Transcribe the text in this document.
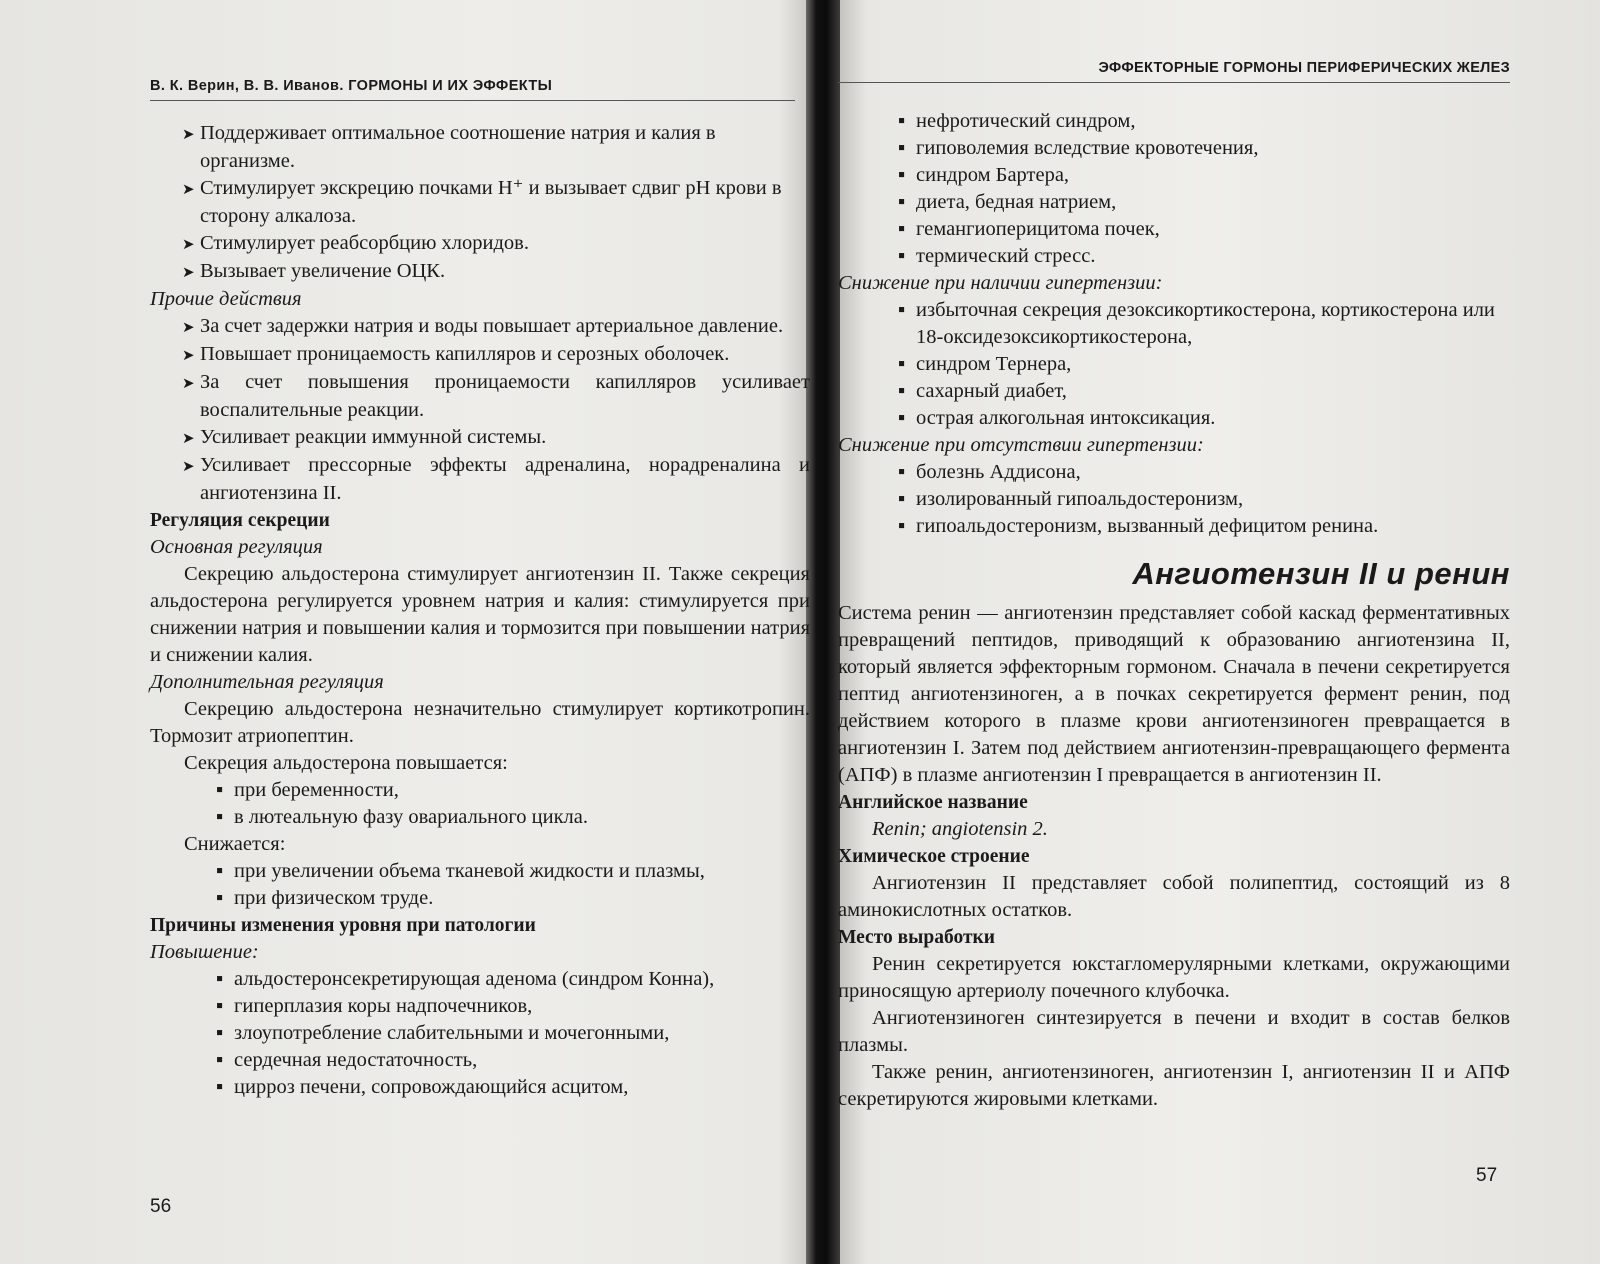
В. К. Верин, В. В. Иванов. ГОРМОНЫ И ИХ ЭФФЕКТЫ
ЭФФЕКТОРНЫЕ ГОРМОНЫ ПЕРИФЕРИЧЕСКИХ ЖЕЛЕЗ

➤ Поддерживает оптимальное соотношение натрия и калия в организме.

➤ Стимулирует экскрецию почками H⁺ и вызывает сдвиг pH крови в сторону алкалоза.

➤ Стимулирует реабсорбцию хлоридов.

➤ Вызывает увеличение ОЦК.

Прочие действия

➤ За счет задержки натрия и воды повышает артериальное давление.

➤ Повышает проницаемость капилляров и серозных оболочек.

➤ За счет повышения проницаемости капилляров усиливает воспалительные реакции.

➤ Усиливает реакции иммунной системы.

➤ Усиливает прессорные эффекты адреналина, норадреналина и ангиотензина II.

Регуляция секреции

Основная регуляция

Секрецию альдостерона стимулирует ангиотензин II. Также секреция альдостерона регулируется уровнем натрия и калия: стимулируется при снижении натрия и повышении калия и тормозится при повышении натрия и снижении калия.

Дополнительная регуляция

Секрецию альдостерона незначительно стимулирует кортикотропин. Тормозит атриопептин.

Секреция альдостерона повышается:

▪ при беременности,

▪ в лютеальную фазу овариального цикла.

Снижается:

▪ при увеличении объема тканевой жидкости и плазмы,

▪ при физическом труде.

Причины изменения уровня при патологии

Повышение:

▪ альдостеронсекретирующая аденома (синдром Конна),

▪ гиперплазия коры надпочечников,

▪ злоупотребление слабительными и мочегонными,

▪ сердечная недостаточность,

▪ цирроз печени, сопровождающийся асцитом,

▪ нефротический синдром,

▪ гиповолемия вследствие кровотечения,

▪ синдром Бартера,

▪ диета, бедная натрием,

▪ гемангиоперицитома почек,

▪ термический стресс.

Снижение при наличии гипертензии:

▪ избыточная секреция дезоксикортикостерона, кортикостерона или 18-оксидезоксикортикостерона,

▪ синдром Тернера,

▪ сахарный диабет,

▪ острая алкогольная интоксикация.

Снижение при отсутствии гипертензии:

▪ болезнь Аддисона,

▪ изолированный гипоальдостеронизм,

▪ гипоальдостеронизм, вызванный дефицитом ренина.

Ангиотензин II и ренин

Система ренин — ангиотензин представляет собой каскад ферментативных превращений пептидов, приводящий к образованию ангиотензина II, который является эффекторным гормоном. Сначала в печени секретируется пептид ангиотензиноген, а в почках секретируется фермент ренин, под действием которого в плазме крови ангиотензиноген превращается в ангиотензин I. Затем под действием ангиотензин-превращающего фермента (АПФ) в плазме ангиотензин I превращается в ангиотензин II.

Английское название

Renin; angiotensin 2.

Химическое строение

Ангиотензин II представляет собой полипептид, состоящий из 8 аминокислотных остатков.

Место выработки

Ренин секретируется юкстагломерулярными клетками, окружающими приносящую артериолу почечного клубочка.

Ангиотензиноген синтезируется в печени и входит в состав белков плазмы.

Также ренин, ангиотензиноген, ангиотензин I, ангиотензин II и АПФ секретируются жировыми клетками.

56
57
